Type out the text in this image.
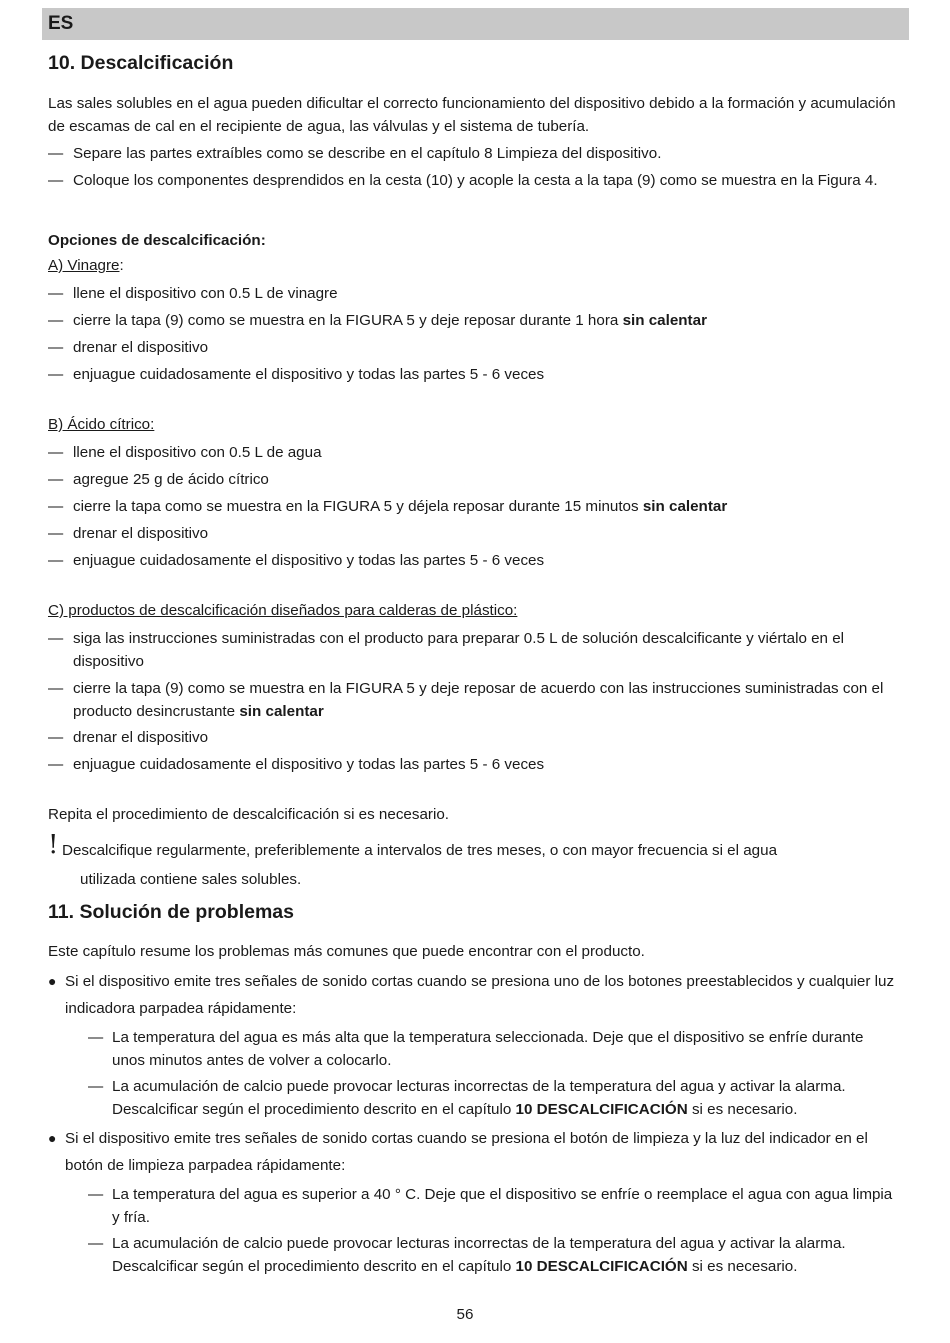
ES
10. Descalcificación
Las sales solubles en el agua pueden dificultar el correcto funcionamiento del dispositivo debido a la formación y acumulación de escamas de cal en el recipiente de agua, las válvulas y el sistema de tubería.
— Separe las partes extraíbles como se describe en el capítulo 8 Limpieza del dispositivo.
— Coloque los componentes desprendidos en la cesta (10) y acople la cesta a la tapa (9) como se muestra en la Figura 4.
Opciones de descalcificación:
A) Vinagre:
— llene el dispositivo con 0.5 L de vinagre
— cierre la tapa (9) como se muestra en la FIGURA 5 y deje reposar durante 1 hora sin calentar
— drenar el dispositivo
— enjuague cuidadosamente el dispositivo y todas las partes 5 - 6 veces
B) Ácido cítrico:
— llene el dispositivo con 0.5 L de agua
— agregue 25 g de ácido cítrico
— cierre la tapa como se muestra en la FIGURA 5 y déjela reposar durante 15 minutos sin calentar
— drenar el dispositivo
— enjuague cuidadosamente el dispositivo y todas las partes 5 - 6 veces
C) productos de descalcificación diseñados para calderas de plástico:
— siga las instrucciones suministradas con el producto para preparar 0.5 L de solución descalcificante y viértalo en el dispositivo
— cierre la tapa (9) como se muestra en la FIGURA 5 y deje reposar de acuerdo con las instrucciones suministradas con el producto desincrustante sin calentar
— drenar el dispositivo
— enjuague cuidadosamente el dispositivo y todas las partes 5 - 6 veces
Repita el procedimiento de descalcificación si es necesario.
! Descalcifique regularmente, preferiblemente a intervalos de tres meses, o con mayor frecuencia si el agua
utilizada contiene sales solubles.
11. Solución de problemas
Este capítulo resume los problemas más comunes que puede encontrar con el producto.
● Si el dispositivo emite tres señales de sonido cortas cuando se presiona uno de los botones preestablecidos y cualquier luz indicadora parpadea rápidamente:
— La temperatura del agua es más alta que la temperatura seleccionada. Deje que el dispositivo se enfríe durante unos minutos antes de volver a colocarlo.
— La acumulación de calcio puede provocar lecturas incorrectas de la temperatura del agua y activar la alarma. Descalcificar según el procedimiento descrito en el capítulo 10 DESCALCIFICACIÓN si es necesario.
● Si el dispositivo emite tres señales de sonido cortas cuando se presiona el botón de limpieza y la luz del indicador en el botón de limpieza parpadea rápidamente:
— La temperatura del agua es superior a 40 ° C. Deje que el dispositivo se enfríe o reemplace el agua con agua limpia y fría.
— La acumulación de calcio puede provocar lecturas incorrectas de la temperatura del agua y activar la alarma. Descalcificar según el procedimiento descrito en el capítulo 10 DESCALCIFICACIÓN si es necesario.
56
